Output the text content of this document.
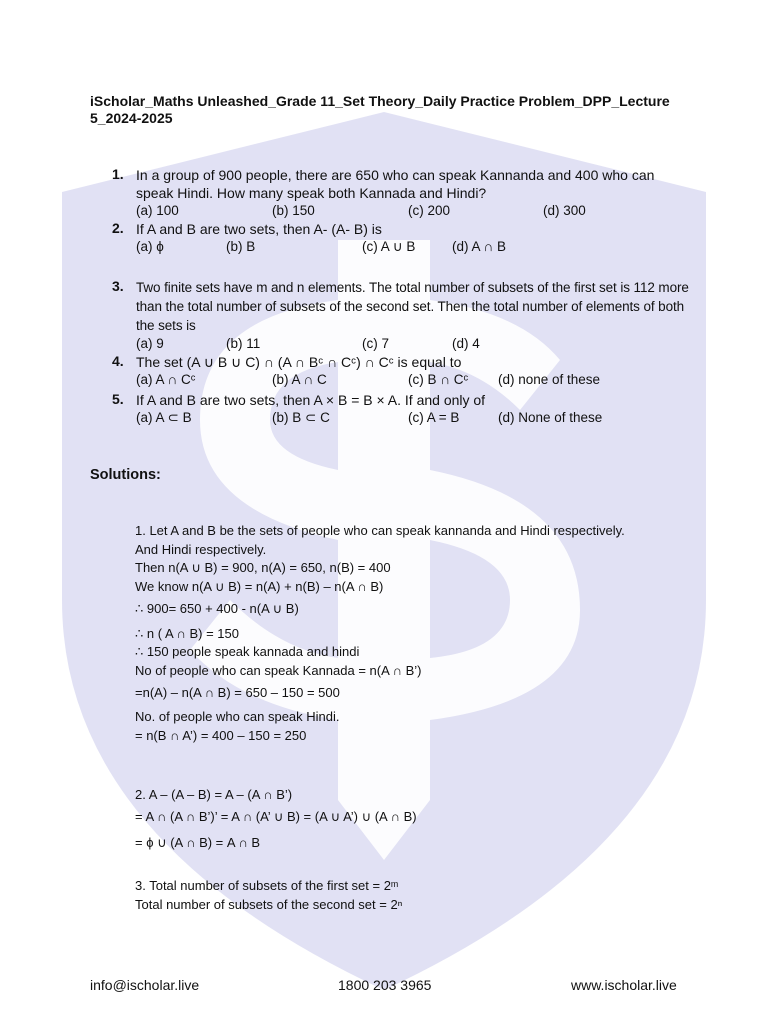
iScholar_Maths Unleashed_Grade 11_Set Theory_Daily Practice Problem_DPP_Lecture 5_2024-2025
1. In a group of 900 people, there are 650 who can speak Kannanda and 400 who can speak Hindi. How many speak both Kannada and Hindi?
(a) 100	(b) 150	(c) 200	(d) 300
2. If A and B are two sets, then A- (A- B) is
(a) ϕ	(b) B	(c) A ∪ B	(d) A ∩ B
3. Two finite sets have m and n elements. The total number of subsets of the first set is 112 more than the total number of subsets of the second set. Then the total number of elements of both the sets is
(a) 9	(b) 11	(c) 7	(d) 4
4. The set (A ∪ B ∪ C) ∩ (A ∩ Bᶜ ∩ Cᶜ) ∩ Cᶜ is equal to
(a) A ∩ Cᶜ	(b) A ∩ C	(c) B ∩ Cᶜ (d) none of these
5. If A and B are two sets, then A × B = B × A. If and only of
(a) A ⊂ B	(b) B ⊂ C	(c) A = B	(d) None of these
Solutions:
1. Let A and B be the sets of people who can speak kannanda and Hindi respectively.
And Hindi respectively.
Then n(A ∪ B) = 900, n(A) = 650, n(B) = 400
We know n(A ∪ B) = n(A) + n(B) – n(A ∩ B)
∴ 900= 650 + 400 - n(A ∪ B)
∴ n ( A ∩ B) = 150
∴ 150 people speak kannada and hindi
No of people who can speak Kannada = n(A ∩ B’)
=n(A) – n(A ∩ B) = 650 – 150 = 500
No. of people who can speak Hindi.
= n(B ∩ A’) = 400 – 150 = 250
2. A – (A – B) = A – (A ∩ B’)
= A ∩ (A ∩ B’)’ = A ∩ (A’ ∪ B) = (A ∪ A’) ∪ (A ∩ B)
= ϕ ∪ (A ∩ B) = A ∩ B
3. Total number of subsets of the first set = 2ᵐ
Total number of subsets of the second set = 2ⁿ
info@ischolar.live	1800 203 3965	www.ischolar.live
